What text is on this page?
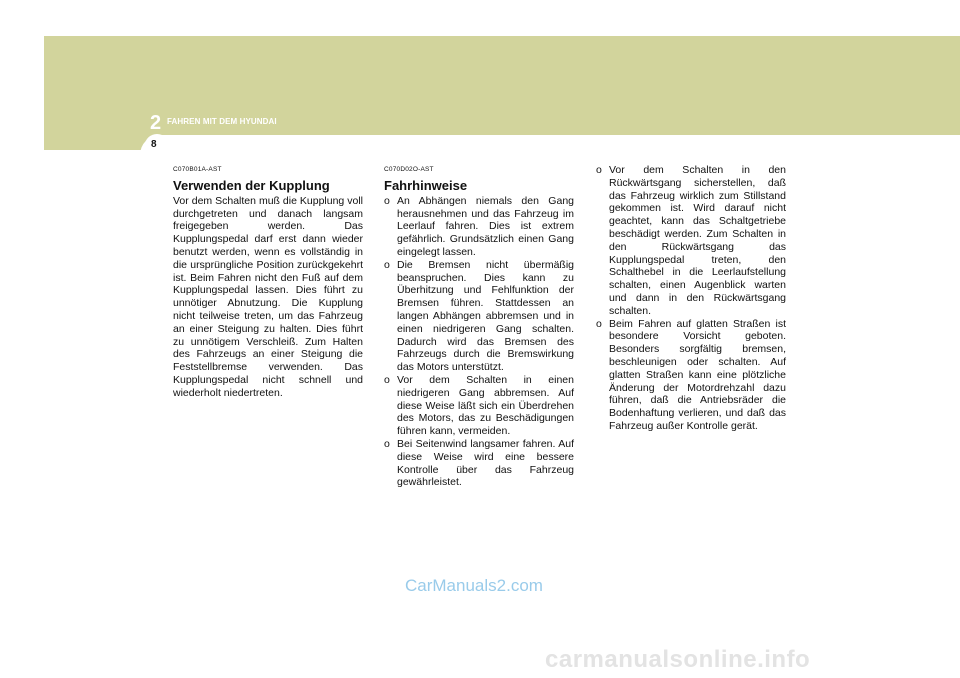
2 FAHREN MIT DEM HYUNDAI
8
C070B01A-AST
Verwenden der Kupplung
Vor dem Schalten muß die Kupplung voll durchgetreten und danach langsam freigegeben werden. Das Kupplungspedal darf erst dann wieder benutzt werden, wenn es vollständig in die ursprüngliche Position zurückgekehrt ist. Beim Fahren nicht den Fuß auf dem Kupplungspedal lassen. Dies führt zu unnötiger Abnutzung. Die Kupplung nicht teilweise treten, um das Fahrzeug an einer Steigung zu halten. Dies führt zu unnötigem Verschleiß. Zum Halten des Fahrzeugs an einer Steigung die Feststellbremse verwenden. Das Kupplungspedal nicht schnell und wiederholt niedertreten.
C070D02O-AST
Fahrhinweise
o An Abhängen niemals den Gang herausnehmen und das Fahrzeug im Leerlauf fahren. Dies ist extrem gefährlich. Grundsätzlich einen Gang eingelegt lassen.
o Die Bremsen nicht übermäßig beanspruchen. Dies kann zu Überhitzung und Fehlfunktion der Bremsen führen. Stattdessen an langen Abhängen abbremsen und in einen niedrigeren Gang schalten. Dadurch wird das Bremsen des Fahrzeugs durch die Bremswirkung das Motors unterstützt.
o Vor dem Schalten in einen niedrigeren Gang abbremsen. Auf diese Weise läßt sich ein Überdrehen des Motors, das zu Beschädigungen führen kann, vermeiden.
o Bei Seitenwind langsamer fahren. Auf diese Weise wird eine bessere Kontrolle über das Fahrzeug gewährleistet.
o Vor dem Schalten in den Rückwärtsgang sicherstellen, daß das Fahrzeug wirklich zum Stillstand gekommen ist. Wird darauf nicht geachtet, kann das Schaltgetriebe beschädigt werden. Zum Schalten in den Rückwärtsgang das Kupplungspedal treten, den Schalthebel in die Leerlaufstellung schalten, einen Augenblick warten und dann in den Rückwärtsgang schalten.
o Beim Fahren auf glatten Straßen ist besondere Vorsicht geboten. Besonders sorgfältig bremsen, beschleunigen oder schalten. Auf glatten Straßen kann eine plötzliche Änderung der Motordrehzahl dazu führen, daß die Antriebsräder die Bodenhaftung verlieren, und daß das Fahrzeug außer Kontrolle gerät.
CarManuals2.com
carmanualsonline.info
